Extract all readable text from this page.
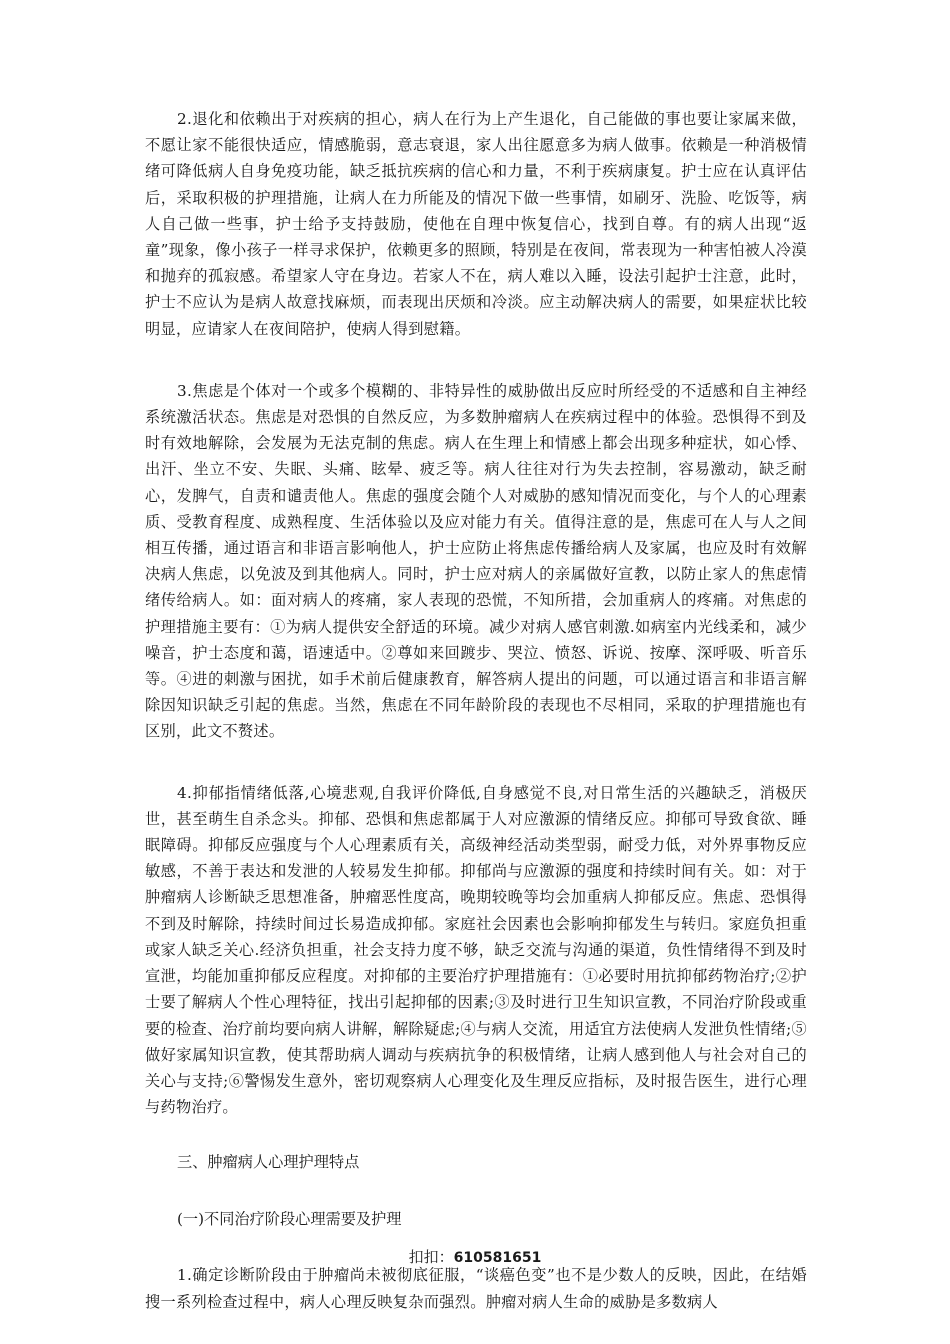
2.退化和依赖出于对疾病的担心，病人在行为上产生退化，自己能做的事也要让家属来做，不愿让家不能很快适应，情感脆弱，意志衰退，家人出往愿意多为病人做事。依赖是一种消极情绪可降低病人自身免疫功能，缺乏抵抗疾病的信心和力量，不利于疾病康复。护士应在认真评估后，采取积极的护理措施，让病人在力所能及的情况下做一些事情，如刷牙、洗脸、吃饭等，病人自己做一些事，护士给予支持鼓励，使他在自理中恢复信心，找到自尊。有的病人出现“返童”现象，像小孩子一样寻求保护，依赖更多的照顾，特别是在夜间，常表现为一种害怕被人冷漠和抛弃的孤寂感。希望家人守在身边。若家人不在，病人难以入睡，设法引起护士注意，此时，护士不应认为是病人故意找麻烦，而表现出厌烦和冷淡。应主动解决病人的需要，如果症状比较明显，应请家人在夜间陪护，使病人得到慰籍。

3.焦虑是个体对一个或多个模糊的、非特异性的威胁做出反应时所经受的不适感和自主神经系统激活状态。焦虑是对恐惧的自然反应，为多数肿瘤病人在疾病过程中的体验。恐惧得不到及时有效地解除，会发展为无法克制的焦虑。病人在生理上和情感上都会出现多种症状，如心悸、出汗、坐立不安、失眠、头痛、眩晕、疲乏等。病人往往对行为失去控制，容易激动，缺乏耐心，发脾气，自责和谴责他人。焦虑的强度会随个人对威胁的感知情况而变化，与个人的心理素质、受教育程度、成熟程度、生活体验以及应对能力有关。值得注意的是，焦虑可在人与人之间相互传播，通过语言和非语言影响他人，护士应防止将焦虑传播给病人及家属，也应及时有效解决病人焦虑，以免波及到其他病人。同时，护士应对病人的亲属做好宣教，以防止家人的焦虑情绪传给病人。如：面对病人的疼痛，家人表现的恐慌，不知所措，会加重病人的疼痛。对焦虑的护理措施主要有：①为病人提供安全舒适的环境。减少对病人感官刺激.如病室内光线柔和，减少噪音，护士态度和蔼，语速适中。②尊如来回踱步、哭泣、愤怒、诉说、按摩、深呼吸、听音乐等。④进的刺激与困扰，如手术前后健康教育，解答病人提出的问题，可以通过语言和非语言解除因知识缺乏引起的焦虑。当然，焦虑在不同年龄阶段的表现也不尽相同，采取的护理措施也有区别，此文不赘述。

4.抑郁指情绪低落,心境悲观,自我评价降低,自身感觉不良,对日常生活的兴趣缺乏，消极厌世，甚至萌生自杀念头。抑郁、恐惧和焦虑都属于人对应激源的情绪反应。抑郁可导致食欲、睡眠障碍。抑郁反应强度与个人心理素质有关，高级神经活动类型弱，耐受力低，对外界事物反应敏感，不善于表达和发泄的人较易发生抑郁。抑郁尚与应激源的强度和持续时间有关。如：对于肿瘤病人诊断缺乏思想准备，肿瘤恶性度高，晚期较晚等均会加重病人抑郁反应。焦虑、恐惧得不到及时解除，持续时间过长易造成抑郁。家庭社会因素也会影响抑郁发生与转归。家庭负担重或家人缺乏关心.经济负担重，社会支持力度不够，缺乏交流与沟通的渠道，负性情绪得不到及时宣泄，均能加重抑郁反应程度。对抑郁的主要治疗护理措施有：①必要时用抗抑郁药物治疗;②护士要了解病人个性心理特征，找出引起抑郁的因素;③及时进行卫生知识宣教，不同治疗阶段或重要的检查、治疗前均要向病人讲解，解除疑虑;④与病人交流，用适宜方法使病人发泄负性情绪;⑤做好家属知识宣教，使其帮助病人调动与疾病抗争的积极情绪，让病人感到他人与社会对自己的关心与支持;⑥警惕发生意外，密切观察病人心理变化及生理反应指标，及时报告医生，进行心理与药物治疗。

三、肿瘤病人心理护理特点

(一)不同治疗阶段心理需要及护理

1.确定诊断阶段由于肿瘤尚未被彻底征服，“谈癌色变”也不是少数人的反映，因此，在结婚搜一系列检查过程中，病人心理反映复杂而强烈。肿瘤对病人生命的威胁是多数病人

扣扣：610581651
